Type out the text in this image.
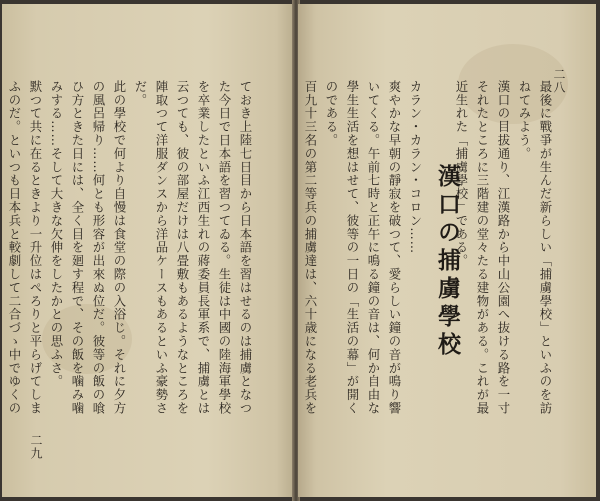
ておき上陸七日目から日本語を習はせるのは捕虜となつた今日で日本語を習つてゐる。生徒は中國の陸海軍學校を卒業したといふ江西生れの蔣委員長軍系で、捕虜とは云つても、彼の部屋だけは八畳敷もあるようなところを陣取つて洋服ダンスから洋品ケースもあるといふ豪勢さだ。

此の學校で何より自慢は食堂の際の入浴じ。それに夕方の風呂帰り……何とも形容が出來ぬ位だ。彼等の飯の喰ひ方ときた日には、全く目を廻す程で、その飯を噛み噛みする……そして大きな欠伸をしたかとの思ふさ。

默つて共に在るときより一升位はぺろりと平らげてしまふのだ。といつも日本兵と較劇して二合づゝ中でゆくの

二九
二八

最後に戰爭が生んだ新らしい「捕虜學校」といふのを訪ねてみよう。

漢口の目拔通り、江漢路から中山公園へ抜ける路を一寸それたところに三階建の堂々たる建物がある。これが最近生れた「捕虜學校」である。

漢口の捕虜學校

カラン・カラン・コロン……

爽やかな早朝の靜寂を破つて、愛らしい鐘の音が鳴り響いてくる。午前七時と正午に鳴る鐘の音は、何か自由な學生生活を想はせて、彼等の一日の「生活の幕」が開くのである。

百九十三名の第二等兵の捕虜達は、六十歳になる老兵を
